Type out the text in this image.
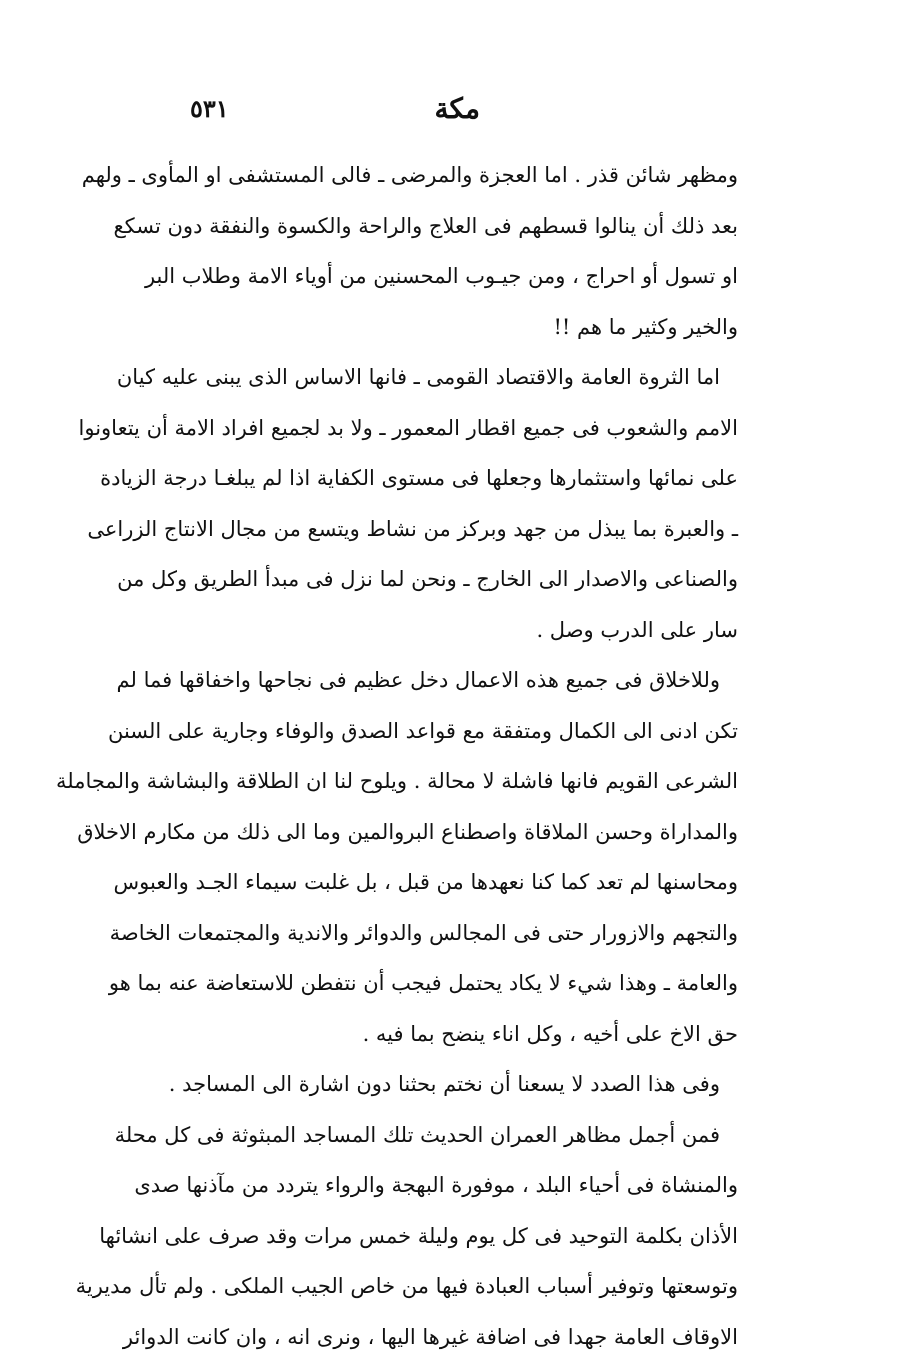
٥٣١	مكة
ومظهر شائن قذر . اما العجزة والمرضى ـ فالى المستشفى او المأوى ـ ولهم
بعد ذلك أن ينالوا قسطهم فى العلاج والراحة والكسوة والنفقة دون تسكع
او تسول أو احراج ، ومن جيـوب المحسنين من أوياء الامة وطلاب البر
والخير وكثير ما هم !!
اما الثروة العامة والاقتصاد القومى ـ فانها الاساس الذى يبنى عليه كيان
الامم والشعوب فى جميع اقطار المعمور ـ ولا بد لجميع افراد الامة أن يتعاونوا
على نمائها واستثمارها وجعلها فى مستوى الكفاية اذا لم يبلغـا درجة الزيادة
ـ والعبرة بما يبذل من جهد وبركز من نشاط ويتسع من مجال الانتاج الزراعى
والصناعى والاصدار الى الخارج ـ ونحن لما نزل فى مبدأ الطريق وكل من
سار على الدرب وصل .
وللاخلاق فى جميع هذه الاعمال دخل عظيم فى نجاحها واخفاقها فما لم
تكن ادنى الى الكمال ومتفقة مع قواعد الصدق والوفاء وجارية على السنن
الشرعى القويم فانها فاشلة لا محالة . ويلوح لنا ان الطلاقة والبشاشة والمجاملة
والمداراة وحسن الملاقاة واصطناع البروالمين وما الى ذلك من مكارم الاخلاق
ومحاسنها لم تعد كما كنا نعهدها من قبل ، بل غلبت سيماء الجـد والعبوس
والتجهم والازورار حتى فى المجالس والدوائر والاندية والمجتمعات الخاصة
والعامة ـ وهذا شيء لا يكاد يحتمل فيجب أن نتفطن للاستعاضة عنه بما هو
حق الاخ على أخيه ، وكل اناء ينضح بما فيه .
وفى هذا الصدد لا يسعنا أن نختم بحثنا دون اشارة الى المساجد .
فمن أجمل مظاهر العمران الحديث تلك المساجد المبثوثة فى كل محلة
والمنشاة فى أحياء البلد ، موفورة البهجة والرواء يتردد من مآذنها صدى
الأذان بكلمة التوحيد فى كل يوم وليلة خمس مرات وقد صرف على انشائها
وتوسعتها وتوفير أسباب العبادة فيها من خاص الجيب الملكى . ولم تأل مديرية
الاوقاف العامة جهدا فى اضافة غيرها اليها ، ونرى انه ، وان كانت الدوائر
